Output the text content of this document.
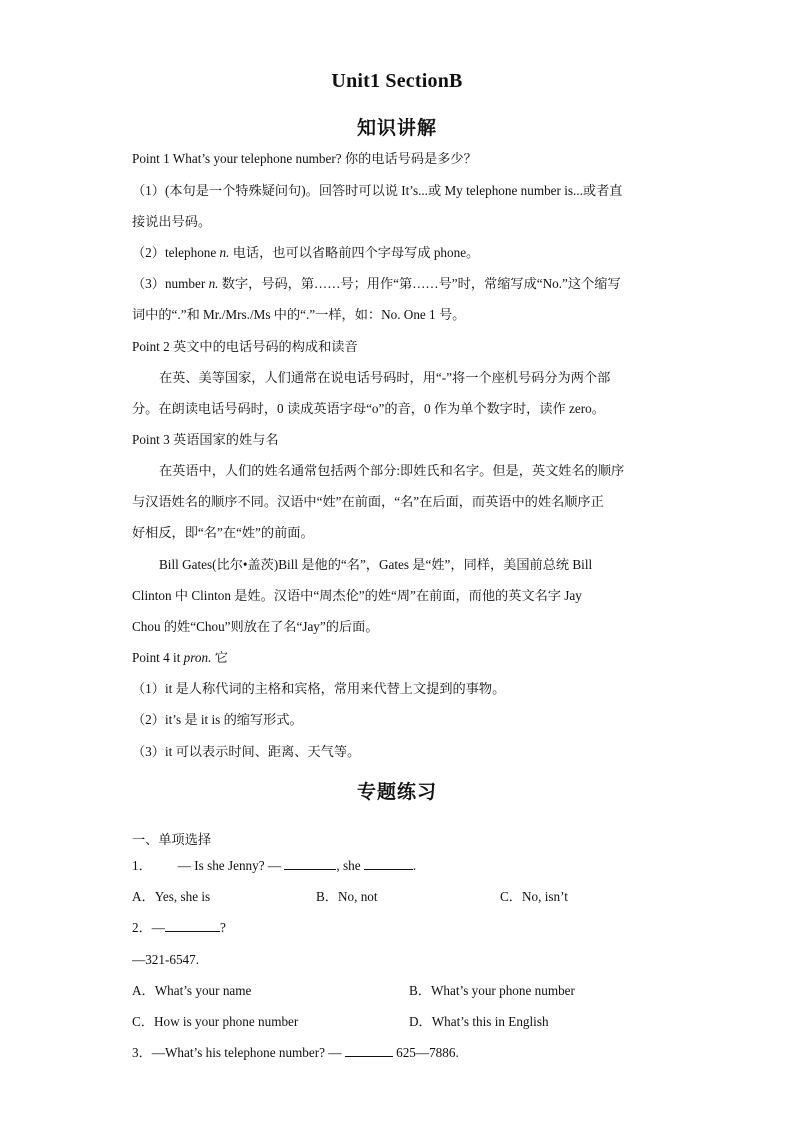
Unit1 SectionB
知识讲解
Point 1 What’s your telephone number? 你的电话号码是多少？
（1）(本句是一个特殊疑问句)。回答时可以说 It’s...或 My telephone number is...或者直
接说出号码。
（2）telephone n. 电话，也可以省略前四个字母写成 phone。
（3）number n. 数字，号码，第……号；用作“第……号”时，常缩写成“No.”这个缩写
词中的“.”和 Mr./Mrs./Ms 中的“.”一样，如：No. One 1 号。
Point 2 英文中的电话号码的构成和读音
在英、美等国家，人们通常在说电话号码时，用“-”将一个座机号码分为两个部
分。在朗读电话号码时，0 读成英语字母“o”的音，0 作为单个数字时，读作 zero。
Point 3 英语国家的姓与名
在英语中，人们的姓名通常包括两个部分:即姓氏和名字。但是，英文姓名的顺序
与汉语姓名的顺序不同。汉语中“姓”在前面，“名”在后面，而英语中的姓名顺序正
好相反，即“名”在“姓”的前面。
Bill Gates(比尔•盖茨)Bill 是他的“名”，Gates 是“姓”，同样，美国前总统 Bill
Clinton 中 Clinton 是姓。汉语中“周杰伦”的姓“周”在前面，而他的英文名字 Jay
Chou 的姓“Chou”则放在了名“Jay”的后面。
Point 4 it pron. 它
（1）it 是人称代词的主格和宾格，常用来代替上文提到的事物。
（2）it’s 是 it is 的缩写形式。
（3）it 可以表示时间、距离、天气等。
专题练习
一、单项选择
1． — Is she Jenny? —	, she	.
A．Yes, she is	B．No, not	C．No, isn’t
2．—	?
—321-6547.
A．What’s your name	B．What’s your phone number
C．How is your phone number	D．What’s this in English
3．—What’s his telephone number? —	625—7886.
